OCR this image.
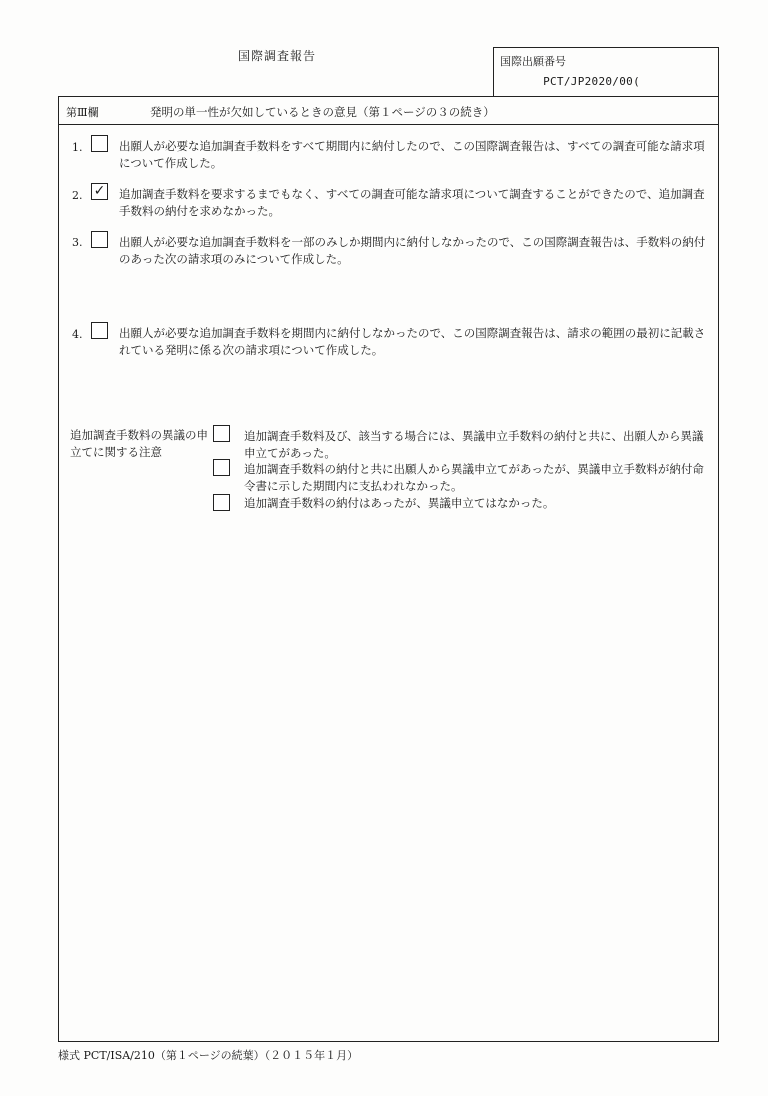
国際調査報告	国際出願番号
PCT/JP2020/00(
第Ⅲ欄	発明の単一性が欠如しているときの意見（第１ページの３の続き）
1.	出願人が必要な追加調査手数料をすべて期間内に納付したので、この国際調査報告は、すべての調査可能な請求項について作成した。
2. ✓ 追加調査手数料を要求するまでもなく、すべての調査可能な請求項について調査することができたので、追加調査手数料の納付を求めなかった。
3.	出願人が必要な追加調査手数料を一部のみしか期間内に納付しなかったので、この国際調査報告は、手数料の納付のあった次の請求項のみについて作成した。
4.	出願人が必要な追加調査手数料を期間内に納付しなかったので、この国際調査報告は、請求の範囲の最初に記載されている発明に係る次の請求項について作成した。
追加調査手数料の異議の申立てに関する注意
追加調査手数料及び、該当する場合には、異議申立手数料の納付と共に、出願人から異議申立てがあった。
追加調査手数料の納付と共に出願人から異議申立てがあったが、異議申立手数料が納付命令書に示した期間内に支払われなかった。
追加調査手数料の納付はあったが、異議申立てはなかった。
様式 PCT/ISA/210（第１ページの続葉）（２０１５年１月）
